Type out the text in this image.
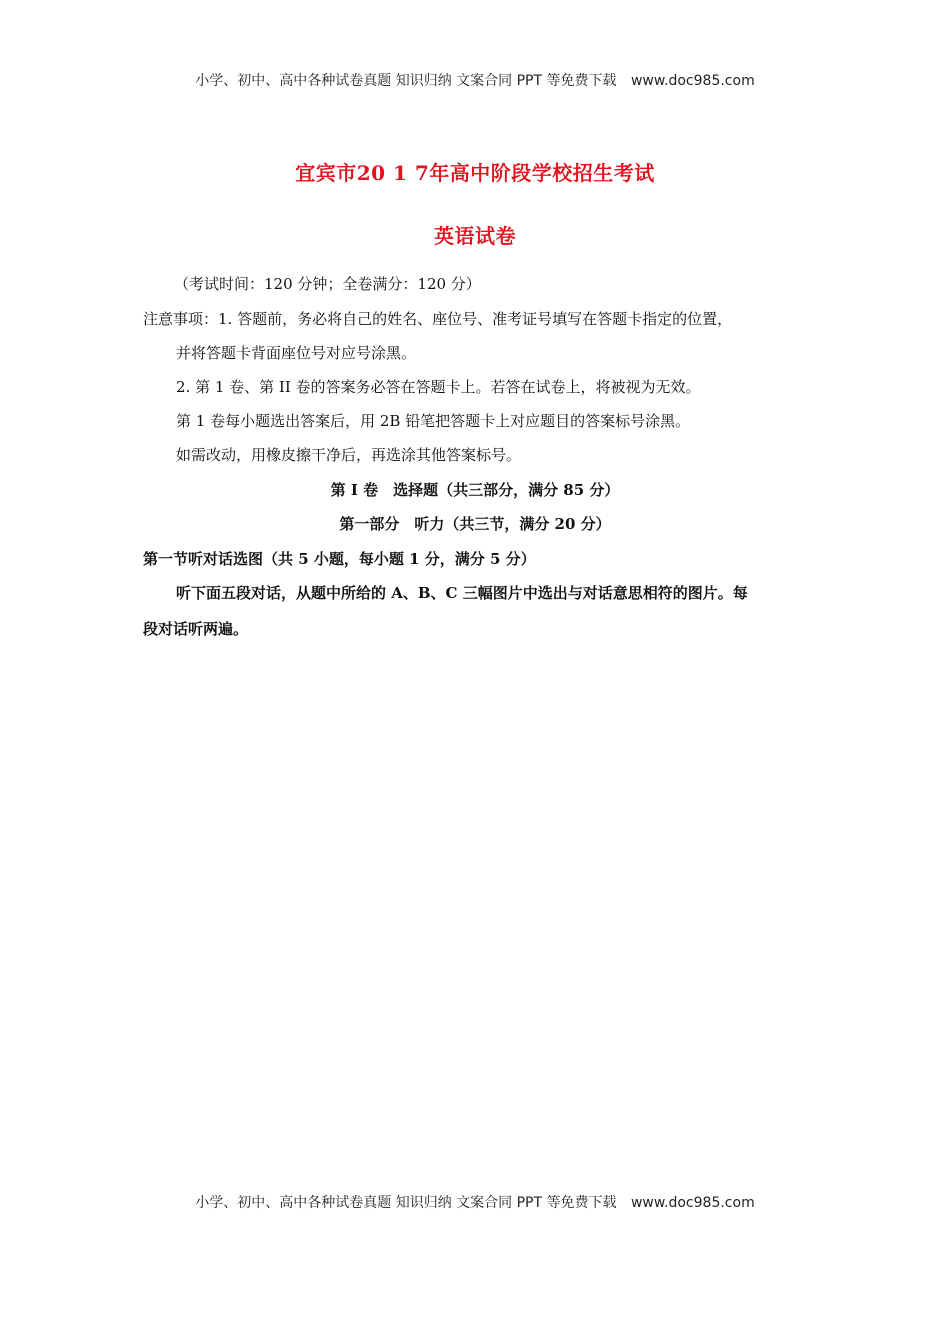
小学、初中、高中各种试卷真题 知识归纳 文案合同 PPT 等免费下载 www.doc985.com
宜宾市20 1 7年高中阶段学校招生考试
英语试卷
（考试时间：120 分钟；全卷满分：120 分）
注意事项：1. 答题前，务必将自己的姓名、座位号、准考证号填写在答题卡指定的位置，
并将答题卡背面座位号对应号涂黑。
2. 第 1 卷、第 II 卷的答案务必答在答题卡上。若答在试卷上，将被视为无效。
第 1 卷每小题选出答案后，用 2B 铅笔把答题卡上对应题目的答案标号涂黑。
如需改动，用橡皮擦干净后，再选涂其他答案标号。
第 I 卷　选择题（共三部分，满分 85 分）
第一部分　听力（共三节，满分 20 分）
第一节听对话选图（共 5 小题，每小题 1 分，满分 5 分）
听下面五段对话，从题中所给的 A、B、C 三幅图片中选出与对话意思相符的图片。每
段对话听两遍。
小学、初中、高中各种试卷真题 知识归纳 文案合同 PPT 等免费下载 www.doc985.com
